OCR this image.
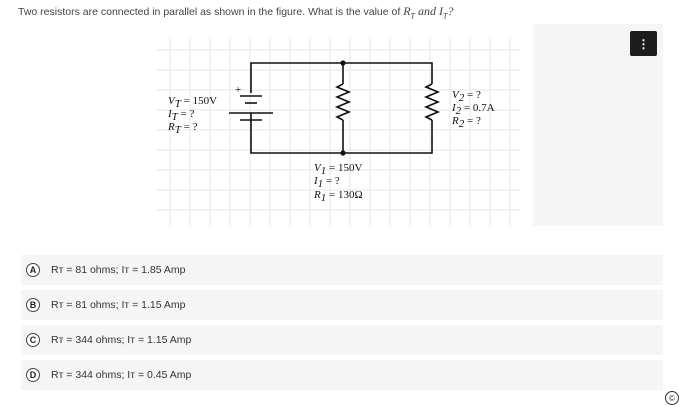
Two resistors are connected in parallel as shown in the figure. What is the value of $R_T$ and $I_T$?
⋮
+
VT = 150V
IT = ?
RT = ?
V1 = 150V
I1 = ?
R1 = 130Ω
V2 = ?
I2 = 0.7A
R2 = ?
A	Rᴛ = 81 ohms; Iᴛ = 1.85 Amp
B	Rᴛ = 81 ohms; Iᴛ = 1.15 Amp
C	Rᴛ = 344 ohms; Iᴛ = 1.15 Amp
D	Rᴛ = 344 ohms; Iᴛ = 0.45 Amp
©
